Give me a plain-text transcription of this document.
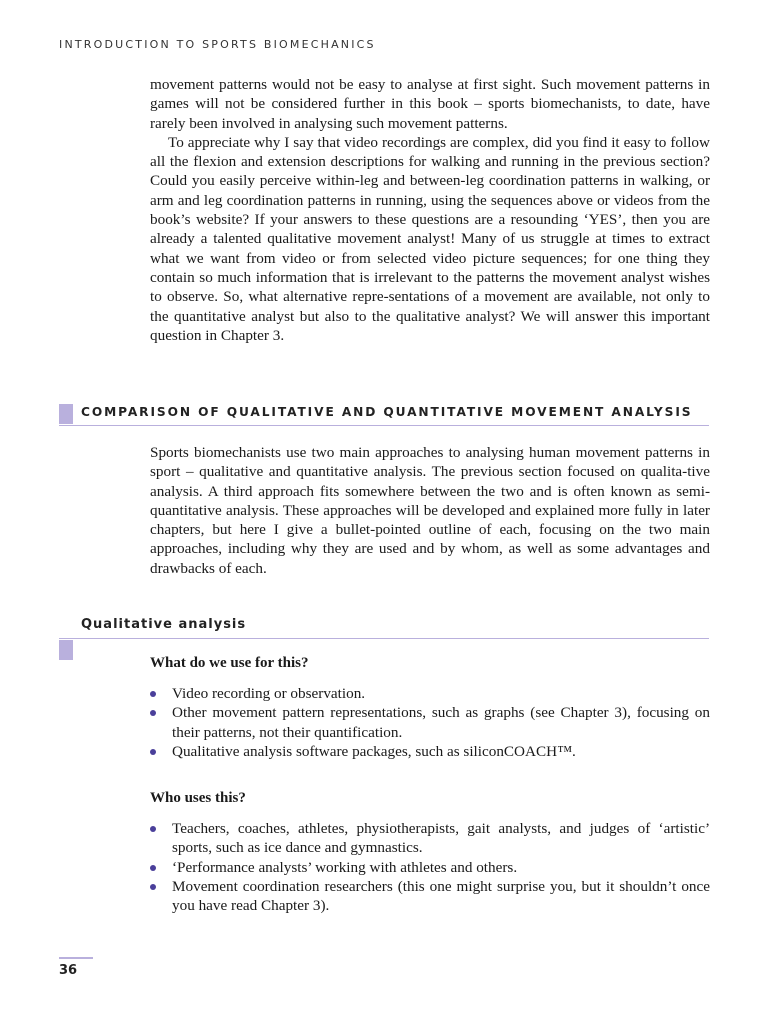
INTRODUCTION TO SPORTS BIOMECHANICS

movement patterns would not be easy to analyse at first sight. Such movement patterns in games will not be considered further in this book – sports biomechanists, to date, have rarely been involved in analysing such movement patterns.

To appreciate why I say that video recordings are complex, did you find it easy to follow all the flexion and extension descriptions for walking and running in the previous section? Could you easily perceive within-leg and between-leg coordination patterns in walking, or arm and leg coordination patterns in running, using the sequences above or videos from the book’s website? If your answers to these questions are a resounding ‘YES’, then you are already a talented qualitative movement analyst! Many of us struggle at times to extract what we want from video or from selected video picture sequences; for one thing they contain so much information that is irrelevant to the patterns the movement analyst wishes to observe. So, what alternative repre-sentations of a movement are available, not only to the quantitative analyst but also to the qualitative analyst? We will answer this important question in Chapter 3.

COMPARISON OF QUALITATIVE AND QUANTITATIVE MOVEMENT ANALYSIS

Sports biomechanists use two main approaches to analysing human movement patterns in sport – qualitative and quantitative analysis. The previous section focused on qualita-tive analysis. A third approach fits somewhere between the two and is often known as semi-quantitative analysis. These approaches will be developed and explained more fully in later chapters, but here I give a bullet-pointed outline of each, focusing on the two main approaches, including why they are used and by whom, as well as some advantages and drawbacks of each.

Qualitative analysis
What do we use for this?
Video recording or observation.
Other movement pattern representations, such as graphs (see Chapter 3), focusing on their patterns, not their quantification.
Qualitative analysis software packages, such as siliconCOACH™.
Who uses this?
Teachers, coaches, athletes, physiotherapists, gait analysts, and judges of ‘artistic’ sports, such as ice dance and gymnastics.
‘Performance analysts’ working with athletes and others.
Movement coordination researchers (this one might surprise you, but it shouldn’t once you have read Chapter 3).
36
